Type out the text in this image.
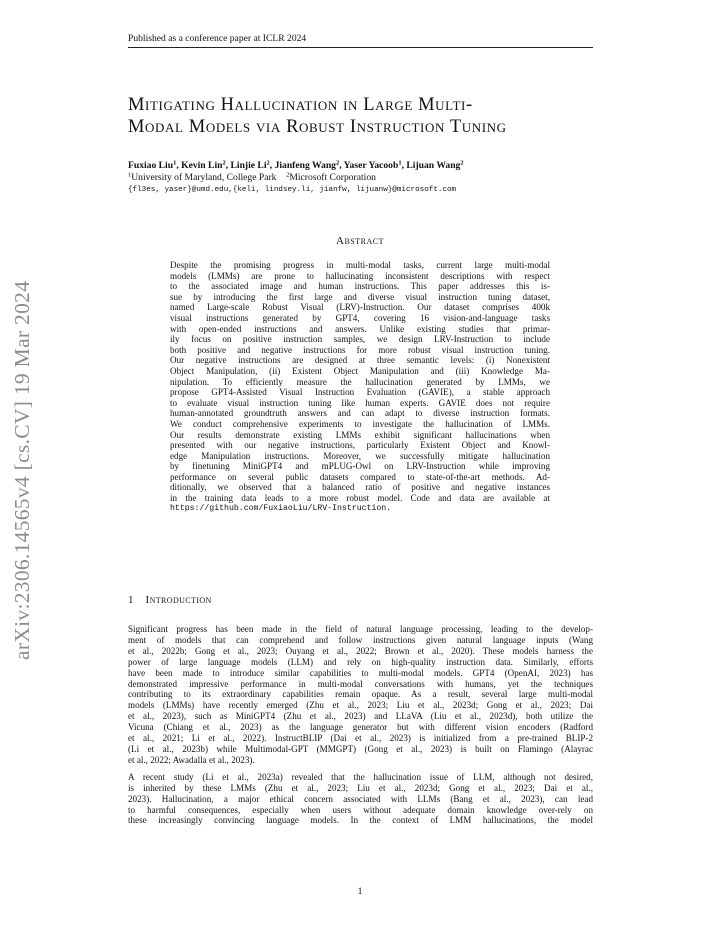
Published as a conference paper at ICLR 2024
Mitigating Hallucination in Large Multi-
Modal Models via Robust Instruction Tuning
Fuxiao Liu$^1$, Kevin Lin$^2$, Linjie Li$^2$, Jianfeng Wang$^2$, Yaser Yacoob$^1$, Lijuan Wang$^2$
$^1$University of Maryland, College Park $^2$Microsoft Corporation
{fl3es, yaser}@umd.edu,{keli, lindsey.li, jianfw, lijuanw}@microsoft.com
Abstract
Despite the promising progress in multi-modal tasks, current large multi-modal
models (LMMs) are prone to hallucinating inconsistent descriptions with respect
to the associated image and human instructions. This paper addresses this is-
sue by introducing the first large and diverse visual instruction tuning dataset,
named Large-scale Robust Visual (LRV)-Instruction. Our dataset comprises 400k
visual instructions generated by GPT4, covering 16 vision-and-language tasks
with open-ended instructions and answers. Unlike existing studies that primar-
ily focus on positive instruction samples, we design LRV-Instruction to include
both positive and negative instructions for more robust visual instruction tuning.
Our negative instructions are designed at three semantic levels: (i) Nonexistent
Object Manipulation, (ii) Existent Object Manipulation and (iii) Knowledge Ma-
nipulation. To efficiently measure the hallucination generated by LMMs, we
propose GPT4-Assisted Visual Instruction Evaluation (GAVIE), a stable approach
to evaluate visual instruction tuning like human experts. GAVIE does not require
human-annotated groundtruth answers and can adapt to diverse instruction formats.
We conduct comprehensive experiments to investigate the hallucination of LMMs.
Our results demonstrate existing LMMs exhibit significant hallucinations when
presented with our negative instructions, particularly Existent Object and Knowl-
edge Manipulation instructions. Moreover, we successfully mitigate hallucination
by finetuning MiniGPT4 and mPLUG-Owl on LRV-Instruction while improving
performance on several public datasets compared to state-of-the-art methods. Ad-
ditionally, we observed that a balanced ratio of positive and negative instances
in the training data leads to a more robust model. Code and data are available at
https://github.com/FuxiaoLiu/LRV-Instruction.
arXiv:2306.14565v4 [cs.CV] 19 Mar 2024	1 Introduction
Significant progress has been made in the field of natural language processing, leading to the develop-
ment of models that can comprehend and follow instructions given natural language inputs (Wang
et al., 2022b; Gong et al., 2023; Ouyang et al., 2022; Brown et al., 2020). These models harness the
power of large language models (LLM) and rely on high-quality instruction data. Similarly, efforts
have been made to introduce similar capabilities to multi-modal models. GPT4 (OpenAI, 2023) has
demonstrated impressive performance in multi-modal conversations with humans, yet the techniques
contributing to its extraordinary capabilities remain opaque. As a result, several large multi-modal
models (LMMs) have recently emerged (Zhu et al., 2023; Liu et al., 2023d; Gong et al., 2023; Dai
et al., 2023), such as MiniGPT4 (Zhu et al., 2023) and LLaVA (Liu et al., 2023d), both utilize the
Vicuna (Chiang et al., 2023) as the language generator but with different vision encoders (Radford
et al., 2021; Li et al., 2022). InstructBLIP (Dai et al., 2023) is initialized from a pre-trained BLIP-2
(Li et al., 2023b) while Multimodal-GPT (MMGPT) (Gong et al., 2023) is built on Flamingo (Alayrac
et al., 2022; Awadalla et al., 2023).
A recent study (Li et al., 2023a) revealed that the hallucination issue of LLM, although not desired,
is inherited by these LMMs (Zhu et al., 2023; Liu et al., 2023d; Gong et al., 2023; Dai et al.,
2023). Hallucination, a major ethical concern associated with LLMs (Bang et al., 2023), can lead
to harmful consequences, especially when users without adequate domain knowledge over-rely on
these increasingly convincing language models. In the context of LMM hallucinations, the model
1
